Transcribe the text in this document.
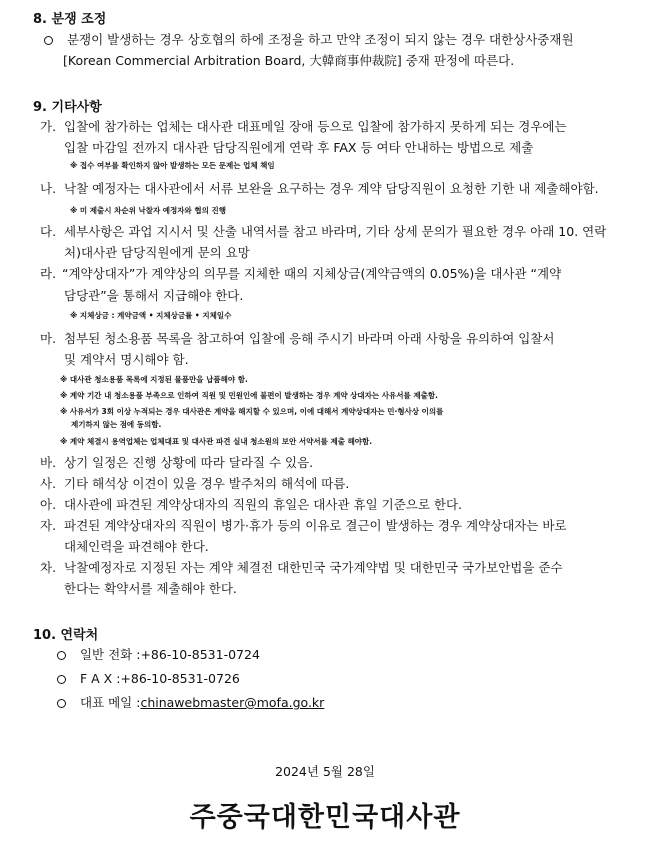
8. 분쟁 조정
분쟁이 발생하는 경우 상호협의 하에 조정을 하고 만약 조정이 되지 않는 경우 대한상사중재원
[Korean Commercial Arbitration Board, 大韓商事仲裁院] 중재 판정에 따른다.
9. 기타사항
가. 입찰에 참가하는 업체는 대사관 대표메일 장애 등으로 입찰에 참가하지 못하게 되는 경우에는
입찰 마감일 전까지 대사관 담당직원에게 연락 후 FAX 등 여타 안내하는 방법으로 제출
※ 접수 여부를 확인하지 않아 발생하는 모든 문제는 업체 책임
나. 낙찰 예정자는 대사관에서 서류 보완을 요구하는 경우 계약 담당직원이 요청한 기한 내 제출해야함.
※ 미 제출시 차순위 낙찰자 예정자와 협의 진행
다. 세부사항은 과업 지시서 및 산출 내역서를 참고 바라며, 기타 상세 문의가 필요한 경우 아래 10. 연락
처)대사관 담당직원에게 문의 요망
라. “계약상대자”가 계약상의 의무를 지체한 때의 지체상금(계약금액의 0.05%)을 대사관 “계약
담당관”을 통해서 지급해야 한다.
※ 지체상금 : 계약금액 • 지체상금률 • 지체일수
마. 첨부된 청소용품 목록을 참고하여 입찰에 응해 주시기 바라며 아래 사항을 유의하여 입찰서
및 계약서 명시해야 함.
※ 대사관 청소용품 목록에 지정된 물품만을 납품해야 함.
※ 계약 기간 내 청소용품 부족으로 인하여 직원 및 민원인에 불편이 발생하는 경우 계약 상대자는 사유서를 제출함.
※ 사유서가 3회 이상 누적되는 경우 대사관은 계약을 해지할 수 있으며, 이에 대해서 계약상대자는 민·형사상 이의를
제기하지 않는 점에 동의함.
※ 계약 체결시 용역업체는 업체대표 및 대사관 파견 실내 청소원의 보안 서약서를 제출 해야함.
바. 상기 일정은 진행 상황에 따라 달라질 수 있음.
사. 기타 해석상 이견이 있을 경우 발주처의 해석에 따름.
아. 대사관에 파견된 계약상대자의 직원의 휴일은 대사관 휴일 기준으로 한다.
자. 파견된 계약상대자의 직원이 병가·휴가 등의 이유로 결근이 발생하는 경우 계약상대자는 바로
대체인력을 파견해야 한다.
차. 낙찰예정자로 지정된 자는 계약 체결전 대한민국 국가계약법 및 대한민국 국가보안법을 준수
한다는 확약서를 제출해야 한다.
10. 연락처
일반 전화 :+86-10-8531-0724
F A X :+86-10-8531-0726
대표 메일 :chinawebmaster@mofa.go.kr
2024년 5월 28일
주중국대한민국대사관
